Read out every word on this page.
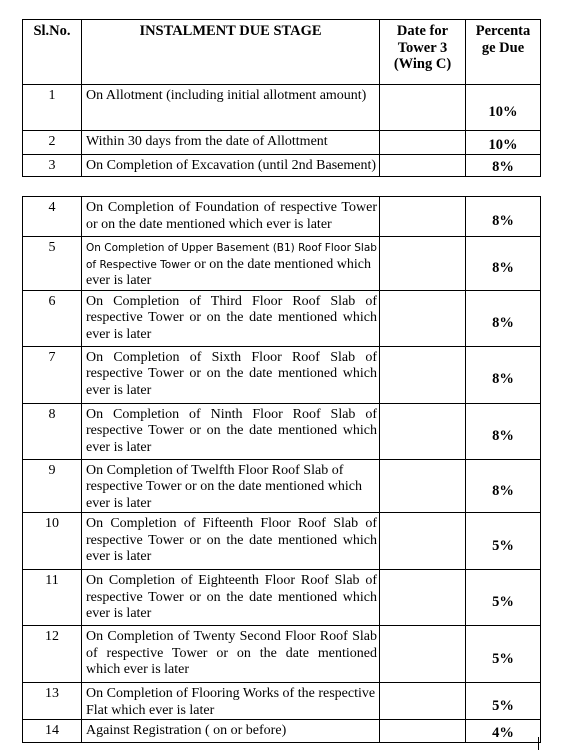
Sl.No.	INSTALMENT DUE STAGE	Date for Tower 3 (Wing C)	Percenta
ge Due
1	On Allotment (including initial allotment amount)		10%
2	Within 30 days from the date of Allottment		10%
3	On Completion of Excavation (until 2nd Basement)		8%
4	On Completion of Foundation of respective Tower or on the date mentioned which ever is later		8%
5	On Completion of Upper Basement (B1) Roof Floor Slab of Respective Tower or on the date mentioned which ever is later		8%
6	On Completion of Third Floor Roof Slab of respective Tower or on the date mentioned which ever is later		8%
7	On Completion of Sixth Floor Roof Slab of respective Tower or on the date mentioned which ever is later		8%
8	On Completion of Ninth Floor Roof Slab of respective Tower or on the date mentioned which ever is later		8%
9	On Completion of Twelfth Floor Roof Slab of respective Tower or on the date mentioned which ever is later		8%
10	On Completion of Fifteenth Floor Roof Slab of respective Tower or on the date mentioned which ever is later		5%
11	On Completion of Eighteenth Floor Roof Slab of respective Tower or on the date mentioned which ever is later		5%
12	On Completion of Twenty Second Floor Roof Slab of respective Tower or on the date mentioned which ever is later		5%
13	On Completion of Flooring Works of the respective Flat which ever is later		5%
14	Against Registration ( on or before)		4%
